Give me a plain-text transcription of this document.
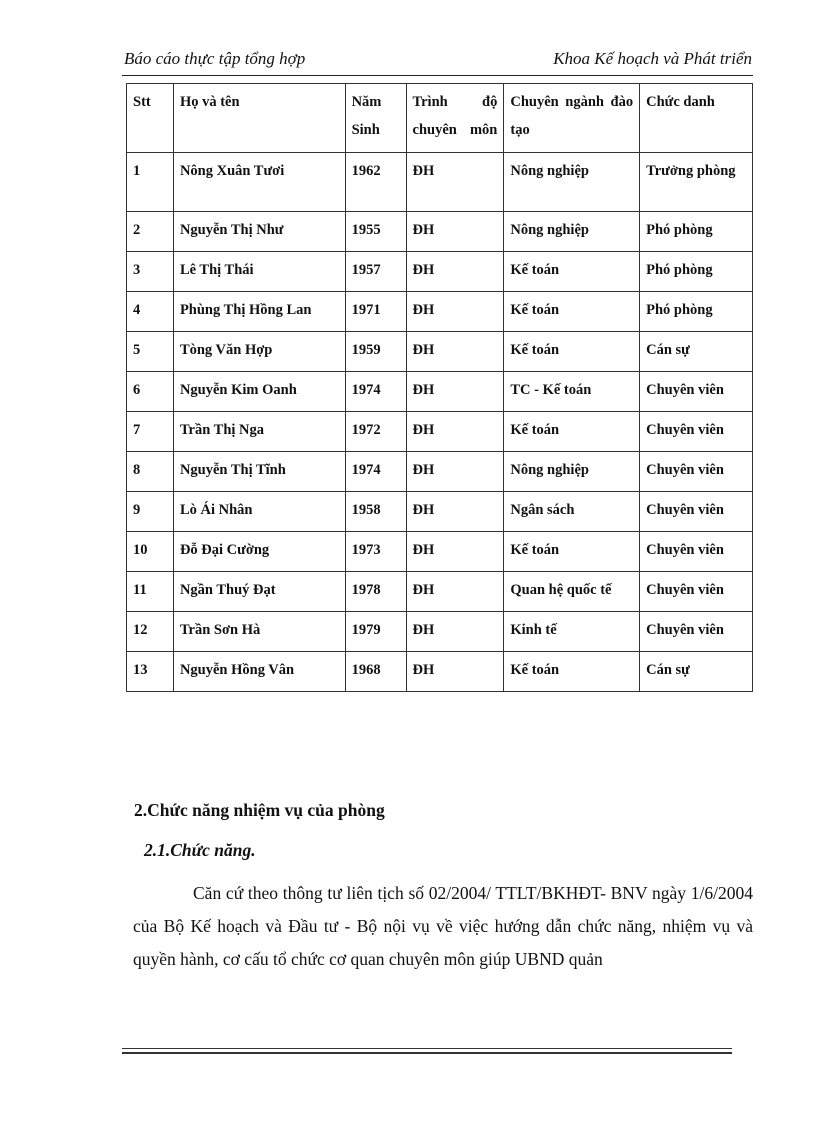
Báo cáo thực tập tổng hợp	Khoa Kế hoạch và Phát triển
Stt	Họ và tên	Năm Sinh	Trình độ chuyên môn	Chuyên ngành đào tạo	Chức danh
1	Nông Xuân Tươi	1962	ĐH	Nông nghiệp	Trưởng phòng
2	Nguyễn Thị Như	1955	ĐH	Nông nghiệp	Phó phòng
3	Lê Thị Thái	1957	ĐH	Kế toán	Phó phòng
4	Phùng Thị Hồng Lan	1971	ĐH	Kế toán	Phó phòng
5	Tòng Văn Hợp	1959	ĐH	Kế toán	Cán sự
6	Nguyễn Kim Oanh	1974	ĐH	TC - Kế toán	Chuyên viên
7	Trần Thị Nga	1972	ĐH	Kế toán	Chuyên viên
8	Nguyễn Thị Tĩnh	1974	ĐH	Nông nghiệp	Chuyên viên
9	Lò Ái Nhân	1958	ĐH	Ngân sách	Chuyên viên
10	Đỗ Đại Cường	1973	ĐH	Kế toán	Chuyên viên
11	Ngần Thuý Đạt	1978	ĐH	Quan hệ quốc tế	Chuyên viên
12	Trần Sơn Hà	1979	ĐH	Kinh tế	Chuyên viên
13	Nguyễn Hồng Vân	1968	ĐH	Kế toán	Cán sự
2.Chức năng nhiệm vụ của phòng
2.1.Chức năng.
Căn cứ theo thông tư liên tịch số 02/2004/ TTLT/BKHĐT- BNV ngày 1/6/2004 của Bộ Kế hoạch và Đầu tư - Bộ nội vụ về việc hướng dẫn chức năng, nhiệm vụ và quyền hành, cơ cấu tổ chức cơ quan chuyên môn giúp UBND quản
